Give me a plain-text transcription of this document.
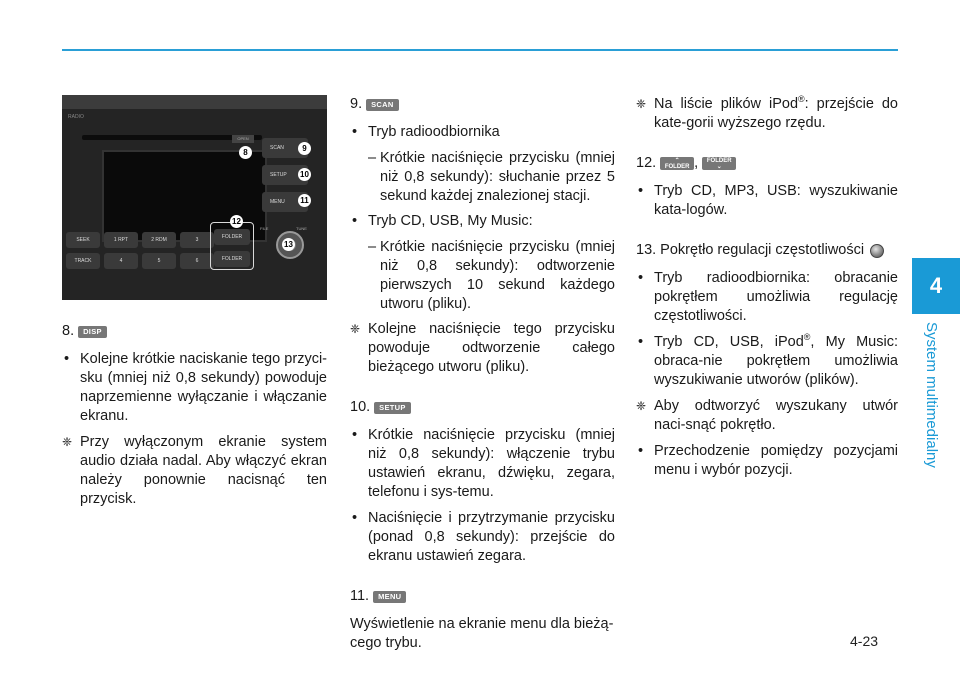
RADIO
OPEN
SCAN
SETUP
MENU
SEEK	1 RPT	2 RDM	3
TRACK	4	5	6
FOLDER
FOLDER
FILE	TUNE
8	9
10
11
12
13
8.	DISP
• Kolejne krótkie naciskanie tego przyci-sku (mniej niż 0,8 sekundy) powoduje naprzemienne wyłączanie i włączanie ekranu.
❈ Przy wyłączonym ekranie system audio działa nadal. Aby włączyć ekran należy ponownie nacisnąć ten przycisk.
9.	SCAN
• Tryb radioodbiornika
– Krótkie naciśnięcie przycisku (mniej niż 0,8 sekundy): słuchanie przez 5 sekund każdej znalezionej stacji.
• Tryb CD, USB, My Music:
– Krótkie naciśnięcie przycisku (mniej niż 0,8 sekundy): odtworzenie pierwszych 10 sekund każdego utworu (pliku).
❈ Kolejne naciśnięcie tego przycisku powoduje odtworzenie całego bieżącego utworu (pliku).
10.	SETUP
• Krótkie naciśnięcie przycisku (mniej niż 0,8 sekundy): włączenie trybu ustawień ekranu, dźwięku, zegara, telefonu i sys-temu.
• Naciśnięcie i przytrzymanie przycisku (ponad 0,8 sekundy): przejście do ekranu ustawień zegara.
11.	MENU
Wyświetlenie na ekranie menu dla bieżą-cego trybu.
❈ Na liście plików iPod®: przejście do kate-gorii wyższego rzędu.
12.	⌃
FOLDER , FOLDER
⌄
• Tryb CD, MP3, USB: wyszukiwanie kata-logów.
13. Pokrętło regulacji częstotliwości
• Tryb radioodbiornika: obracanie pokrętłem umożliwia regulację częstotliwości.
• Tryb CD, USB, iPod®, My Music: obraca-nie pokrętłem umożliwia wyszukiwanie utworów (plików).
❈ Aby odtworzyć wyszukany utwór naci-snąć pokrętło.
• Przechodzenie pomiędzy pozycjami menu i wybór pozycji.
4
System multimedialny
4-23
